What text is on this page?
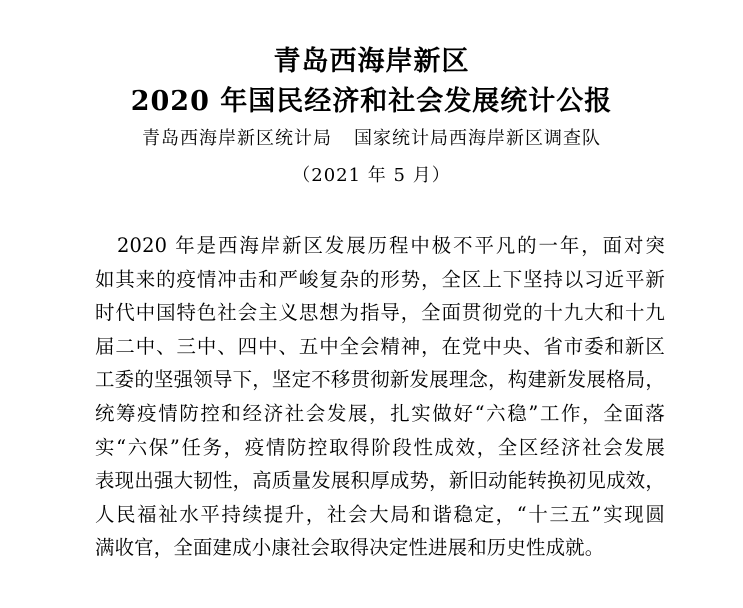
青岛西海岸新区
2020 年国民经济和社会发展统计公报
青岛西海岸新区统计局 国家统计局西海岸新区调查队
（2021 年 5 月）
2020 年是西海岸新区发展历程中极不平凡的一年，面对突
如其来的疫情冲击和严峻复杂的形势，全区上下坚持以习近平新
时代中国特色社会主义思想为指导，全面贯彻党的十九大和十九
届二中、三中、四中、五中全会精神，在党中央、省市委和新区
工委的坚强领导下，坚定不移贯彻新发展理念，构建新发展格局，
统筹疫情防控和经济社会发展，扎实做好“六稳”工作，全面落
实“六保”任务，疫情防控取得阶段性成效，全区经济社会发展
表现出强大韧性，高质量发展积厚成势，新旧动能转换初见成效，
人民福祉水平持续提升，社会大局和谐稳定，“十三五”实现圆
满收官，全面建成小康社会取得决定性进展和历史性成就。
